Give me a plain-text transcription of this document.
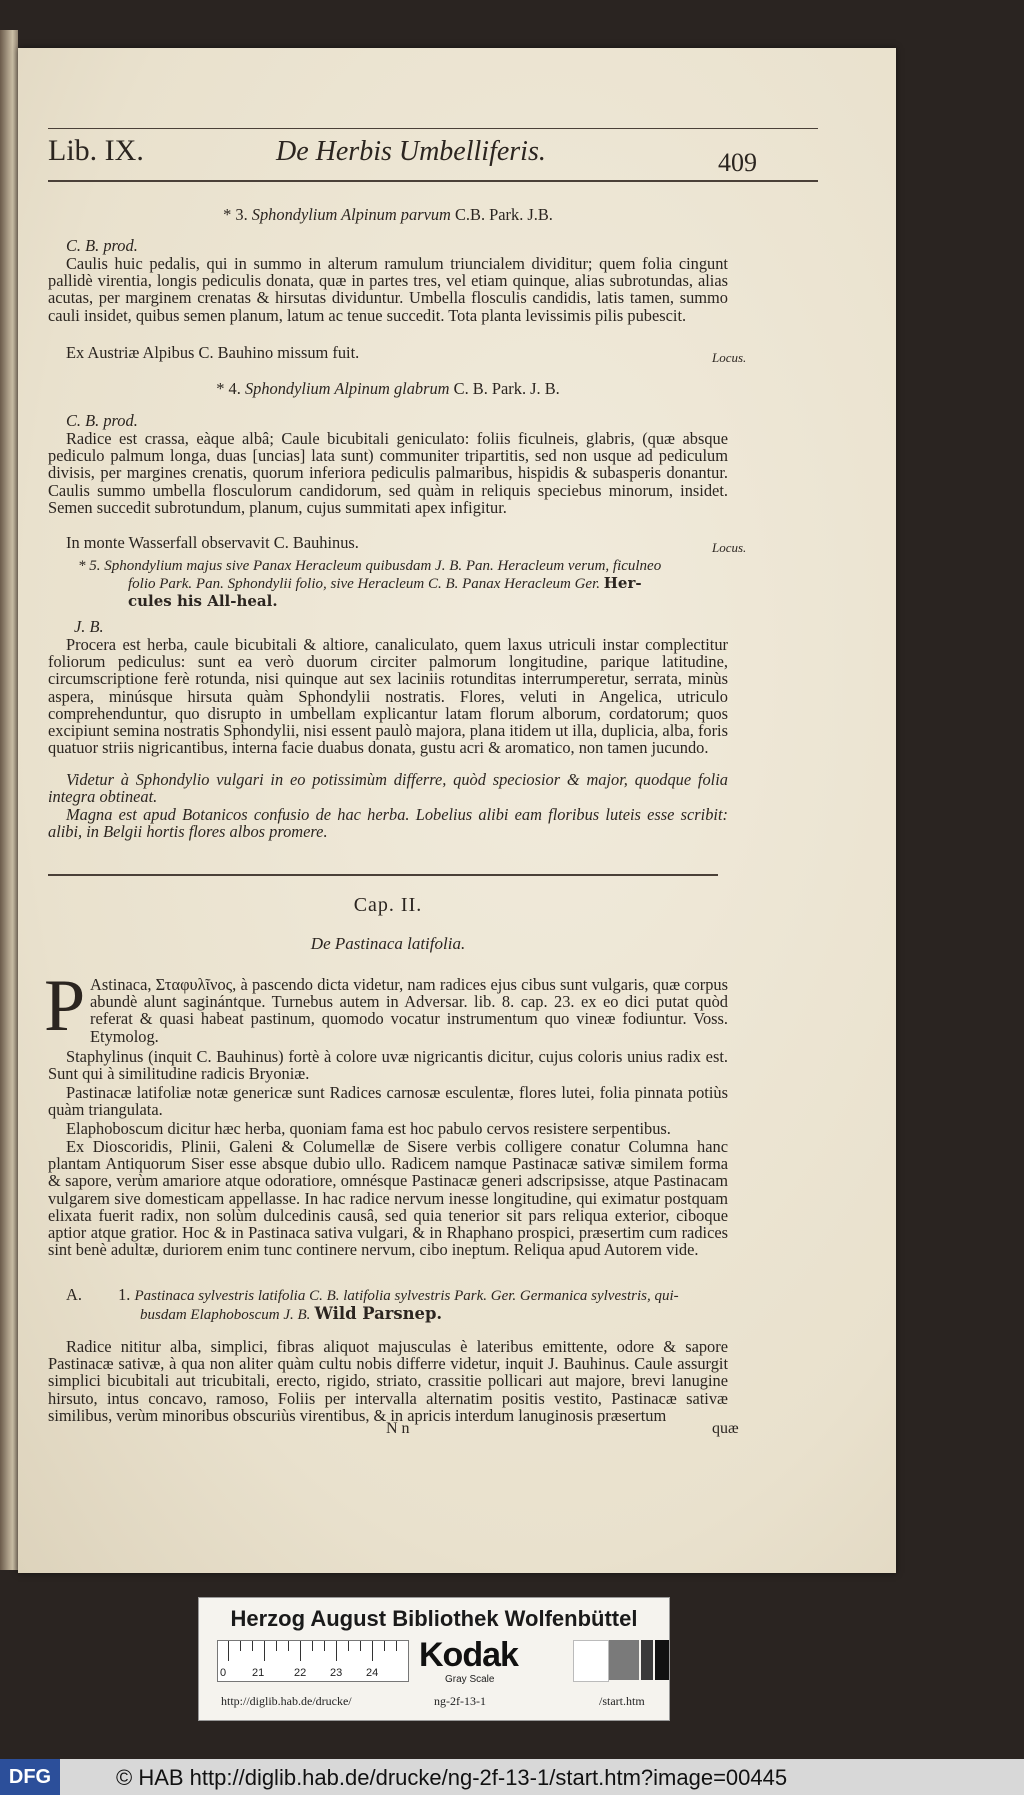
Lib. IX.	De Herbis Umbelliferis.	409
* 3. Sphondylium Alpinum parvum C.B. Park. J.B.
C. B. prod.
Caulis huic pedalis, qui in summo in alterum ramulum triuncialem dividitur; quem folia cingunt pallidè virentia, longis pediculis donata, quæ in partes tres, vel etiam quinque, alias subrotundas, alias acutas, per marginem crenatas & hirsutas dividuntur. Umbella flosculis candidis, latis tamen, summo cauli insidet, quibus semen planum, latum ac tenue succedit. Tota planta levissimis pilis pubescit.
Ex Austriæ Alpibus C. Bauhino missum fuit.	Locus.
* 4. Sphondylium Alpinum glabrum C. B. Park. J. B.
C. B. prod.
Radice est crassa, eàque albâ; Caule bicubitali geniculato: foliis ficulneis, glabris, (quæ absque pediculo palmum longa, duas [uncias] lata sunt) communiter tripartitis, sed non usque ad pediculum divisis, per margines crenatis, quorum inferiora pediculis palmaribus, hispidis & subasperis donantur. Caulis summo umbella flosculorum candidorum, sed quàm in reliquis speciebus minorum, insidet. Semen succedit subrotundum, planum, cujus summitati apex infigitur.
In monte Wasserfall observavit C. Bauhinus.	Locus.
* 5. Sphondylium majus sive Panax Heracleum quibusdam J. B. Pan. Heracleum verum, ficulneo
folio Park. Pan. Sphondylii folio, sive Heracleum C. B. Panax Heracleum Ger. Her-
cules his All-heal.
J. B.
Procera est herba, caule bicubitali & altiore, canaliculato, quem laxus utriculi instar complectitur foliorum pediculus: sunt ea verò duorum circiter palmorum longitudine, parique latitudine, circumscriptione ferè rotunda, nisi quinque aut sex laciniis rotunditas interrumperetur, serrata, minùs aspera, minúsque hirsuta quàm Sphondylii nostratis. Flores, veluti in Angelica, utriculo comprehenduntur, quo disrupto in umbellam explicantur latam florum alborum, cordatorum; quos excipiunt semina nostratis Sphondylii, nisi essent paulò majora, plana itidem ut illa, duplicia, alba, foris quatuor striis nigricantibus, interna facie duabus donata, gustu acri & aromatico, non tamen jucundo.
Videtur à Sphondylio vulgari in eo potissimùm differre, quòd speciosior & major, quodque folia integra obtineat.
Magna est apud Botanicos confusio de hac herba. Lobelius alibi eam floribus luteis esse scribit: alibi, in Belgii hortis flores albos promere.
Cap. II.
De Pastinaca latifolia.
P Astinaca, Σταφυλῖνος, à pascendo dicta videtur, nam radices ejus cibus sunt vulgaris, quæ corpus abundè alunt saginántque. Turnebus autem in Adversar. lib. 8. cap. 23. ex eo dici putat quòd referat & quasi habeat pastinum, quomodo vocatur instrumentum quo vineæ fodiuntur. Voss. Etymolog.
Staphylinus (inquit C. Bauhinus) fortè à colore uvæ nigricantis dicitur, cujus coloris unius radix est. Sunt qui à similitudine radicis Bryoniæ.
Pastinacæ latifoliæ notæ genericæ sunt Radices carnosæ esculentæ, flores lutei, folia pinnata potiùs quàm triangulata.
Elaphoboscum dicitur hæc herba, quoniam fama est hoc pabulo cervos resistere serpentibus.
Ex Dioscoridis, Plinii, Galeni & Columellæ de Sisere verbis colligere conatur Columna hanc plantam Antiquorum Siser esse absque dubio ullo. Radicem namque Pastinacæ sativæ similem forma & sapore, verùm amariore atque odoratiore, omnésque Pastinacæ generi adscripsisse, atque Pastinacam vulgarem sive domesticam appellasse. In hac radice nervum inesse longitudine, qui eximatur postquam elixata fuerit radix, non solùm dulcedinis causâ, sed quia tenerior sit pars reliqua exterior, ciboque aptior atque gratior. Hoc & in Pastinaca sativa vulgari, & in Rhaphano prospici, præsertim cum radices sint benè adultæ, duriorem enim tunc continere nervum, cibo ineptum. Reliqua apud Autorem vide.
A. 1. Pastinaca sylvestris latifolia C. B. latifolia sylvestris Park. Ger. Germanica sylvestris, qui-
busdam Elaphoboscum J. B. Wild Parsnep.
Radice nititur alba, simplici, fibras aliquot majusculas è lateribus emittente, odore & sapore Pastinacæ sativæ, à qua non aliter quàm cultu nobis differre videtur, inquit J. Bauhinus. Caule assurgit simplici bicubitali aut tricubitali, erecto, rigido, striato, crassitie pollicari aut majore, brevi lanugine hirsuto, intus concavo, ramoso, Foliis per intervalla alternatim positis vestito, Pastinacæ sativæ similibus, verùm minoribus obscuriùs virentibus, & in apricis interdum lanuginosis præsertum
N n	quæ
Herzog August Bibliothek Wolfenbüttel
0 21	22 23 24 Kodak
Gray Scale
http://diglib.hab.de/drucke/	ng-2f-13-1	/start.htm
DFG	© HAB http://diglib.hab.de/drucke/ng-2f-13-1/start.htm?image=00445
